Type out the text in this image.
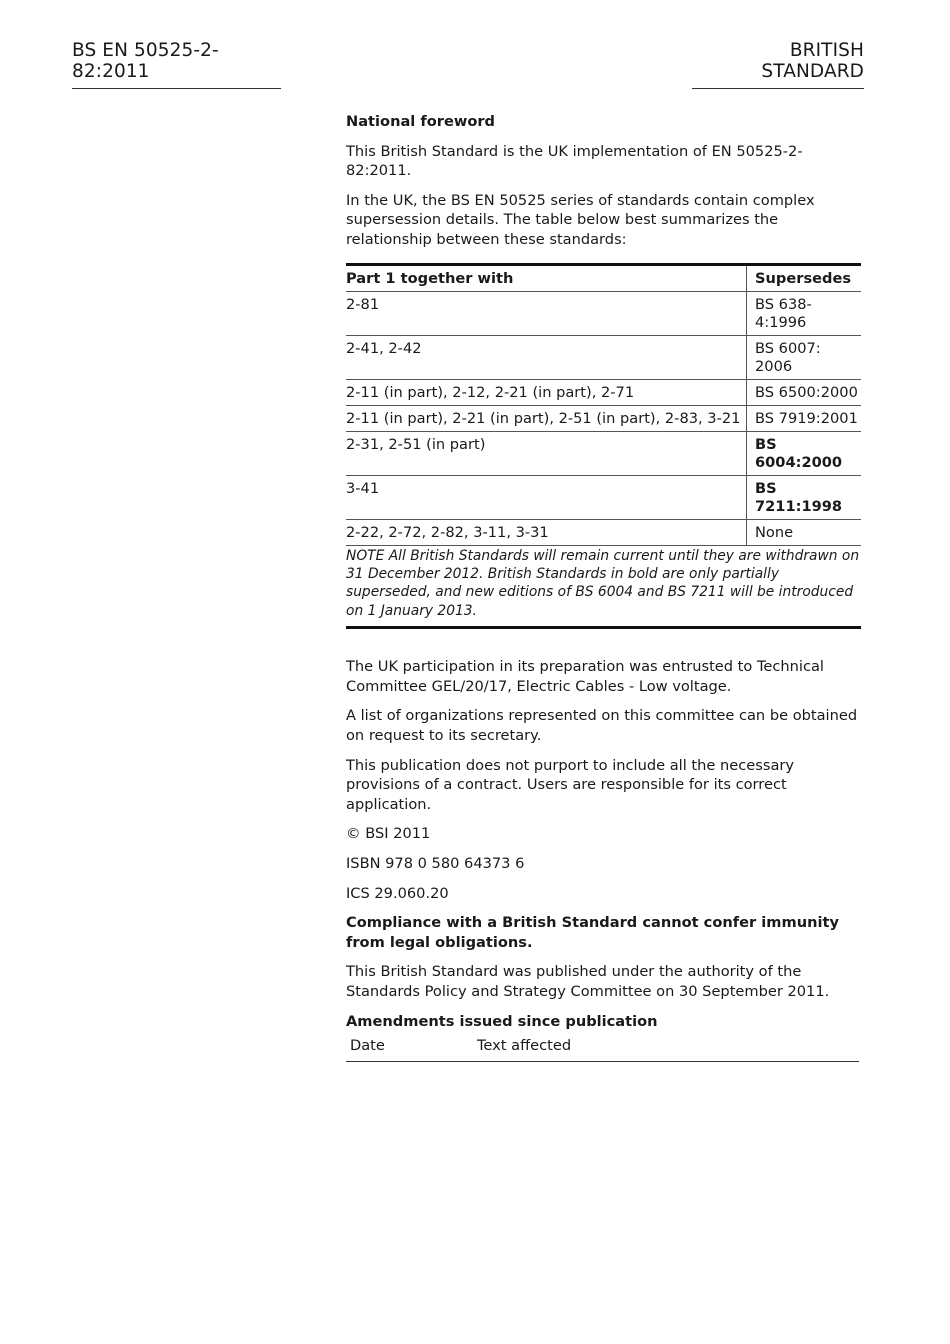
BS EN 50525-2-82:2011
BRITISH STANDARD
National foreword

This British Standard is the UK implementation of EN 50525-2-82:2011.

In the UK, the BS EN 50525 series of standards contain complex supersession details. The table below best summarizes the relationship between these standards:

Part 1 together with	Supersedes
2-81	BS 638-4:1996
2-41, 2-42	BS 6007: 2006
2-11 (in part), 2-12, 2-21 (in part), 2-71	BS 6500:2000
2-11 (in part), 2-21 (in part), 2-51 (in part), 2-83, 3-21	BS 7919:2001
2-31, 2-51 (in part)	BS 6004:2000
3-41	BS 7211:1998
2-22, 2-72, 2-82, 3-11, 3-31	None
NOTE All British Standards will remain current until they are withdrawn on 31 December 2012. British Standards in bold are only partially superseded, and new editions of BS 6004 and BS 7211 will be introduced on 1 January 2013.	

The UK participation in its preparation was entrusted to Technical Committee GEL/20/17, Electric Cables - Low voltage.

A list of organizations represented on this committee can be obtained on request to its secretary.

This publication does not purport to include all the necessary provisions of a contract. Users are responsible for its correct application.

© BSI 2011

ISBN 978 0 580 64373 6

ICS 29.060.20

Compliance with a British Standard cannot confer immunity from legal obligations.

This British Standard was published under the authority of the Standards Policy and Strategy Committee on 30 September 2011.

Amendments issued since publication

Date	Text affected
